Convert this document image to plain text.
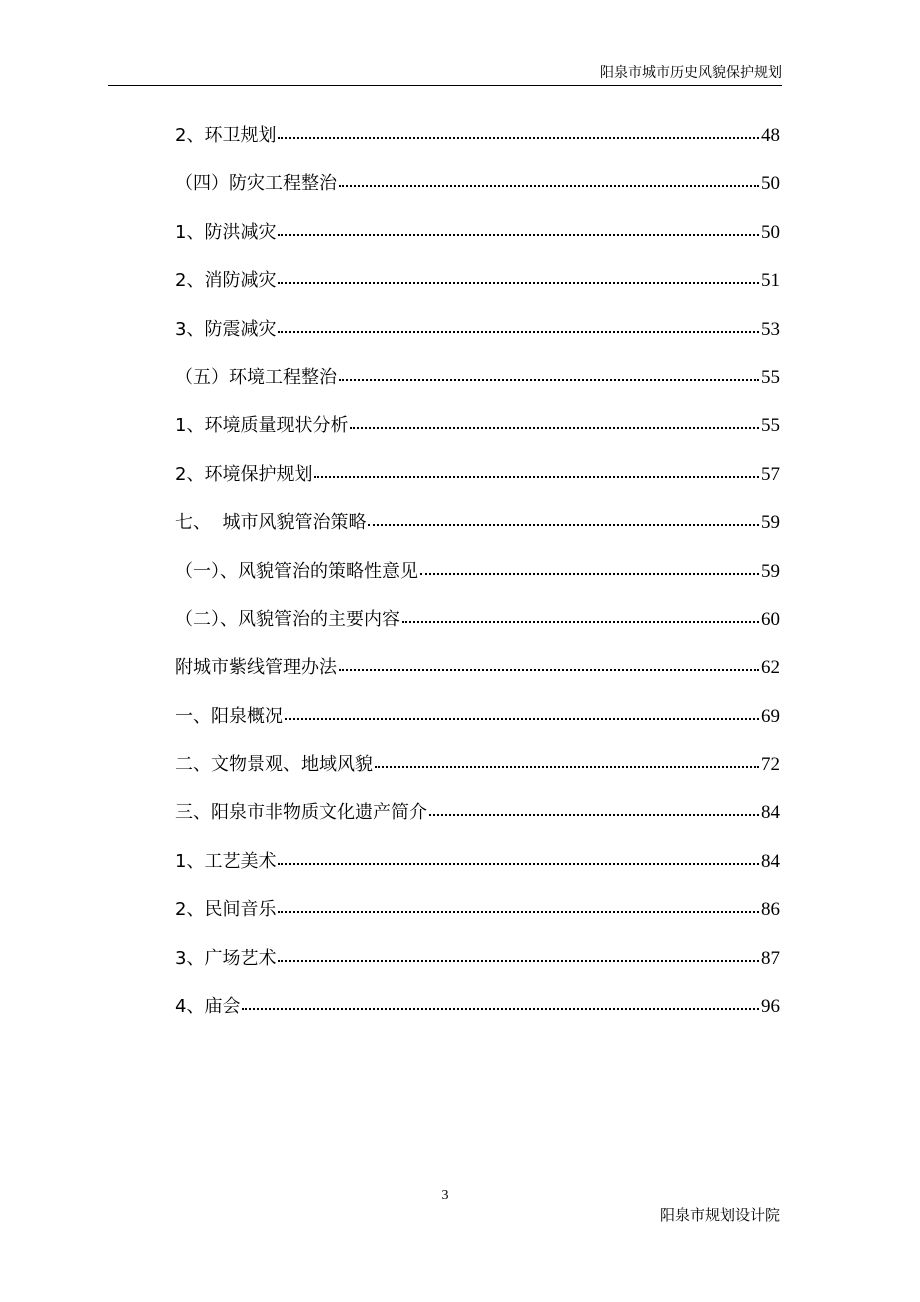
阳泉市城市历史风貌保护规划
2、环卫规划	48
（四）防灾工程整治	50
1、防洪减灾	50
2、消防减灾	51
3、防震减灾	53
（五）环境工程整治	55
1、环境质量现状分析	55
2、环境保护规划	57
七、  城市风貌管治策略	59
（一）、风貌管治的策略性意见	59
（二）、风貌管治的主要内容	60
附城市紫线管理办法	62
一、阳泉概况	69
二、文物景观、地域风貌	72
三、阳泉市非物质文化遗产简介	84
1、工艺美术	84
2、民间音乐	86
3、广场艺术	87
4、庙会	96
3
阳泉市规划设计院
